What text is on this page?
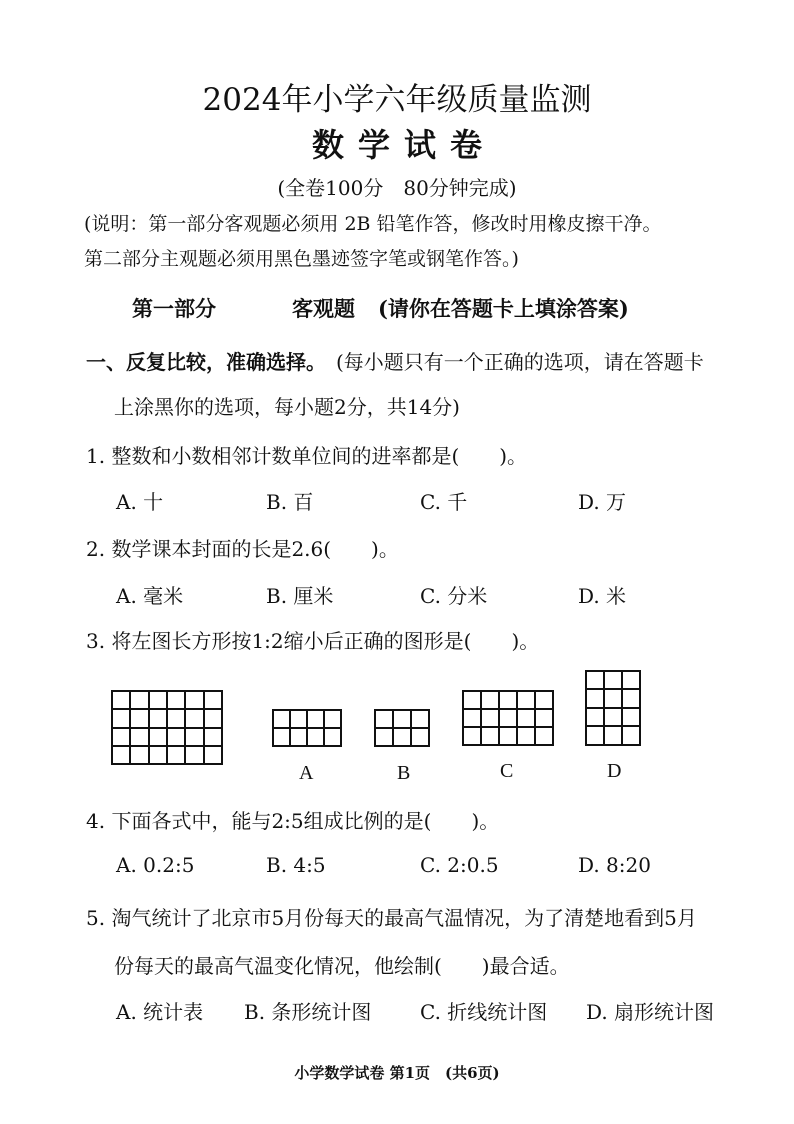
2024年小学六年级质量监测
数学试卷
(全卷100分　80分钟完成)
(说明：第一部分客观题必须用 2B 铅笔作答，修改时用橡皮擦干净。
第二部分主观题必须用黑色墨迹签字笔或钢笔作答。)
第一部分	客观题 (请你在答题卡上填涂答案)
一、反复比较，准确选择。 (每小题只有一个正确的选项，请在答题卡
上涂黑你的选项，每小题2分，共14分)
1. 整数和小数相邻计数单位间的进率都是(　　)。
A. 十	B. 百	C. 千	D. 万
2. 数学课本封面的长是2.6(　　)。
A. 毫米	B. 厘米	C. 分米	D. 米
3. 将左图长方形按1:2缩小后正确的图形是(　　)。
A	B	C	D
4. 下面各式中，能与2:5组成比例的是(　　)。
A. 0.2:5	B. 4:5	C. 2:0.5	D. 8:20
5. 淘气统计了北京市5月份每天的最高气温情况，为了清楚地看到5月
份每天的最高气温变化情况，他绘制(　　)最合适。
A. 统计表 B. 条形统计图 C. 折线统计图 D. 扇形统计图
小学数学试卷 第1页　(共6页)
